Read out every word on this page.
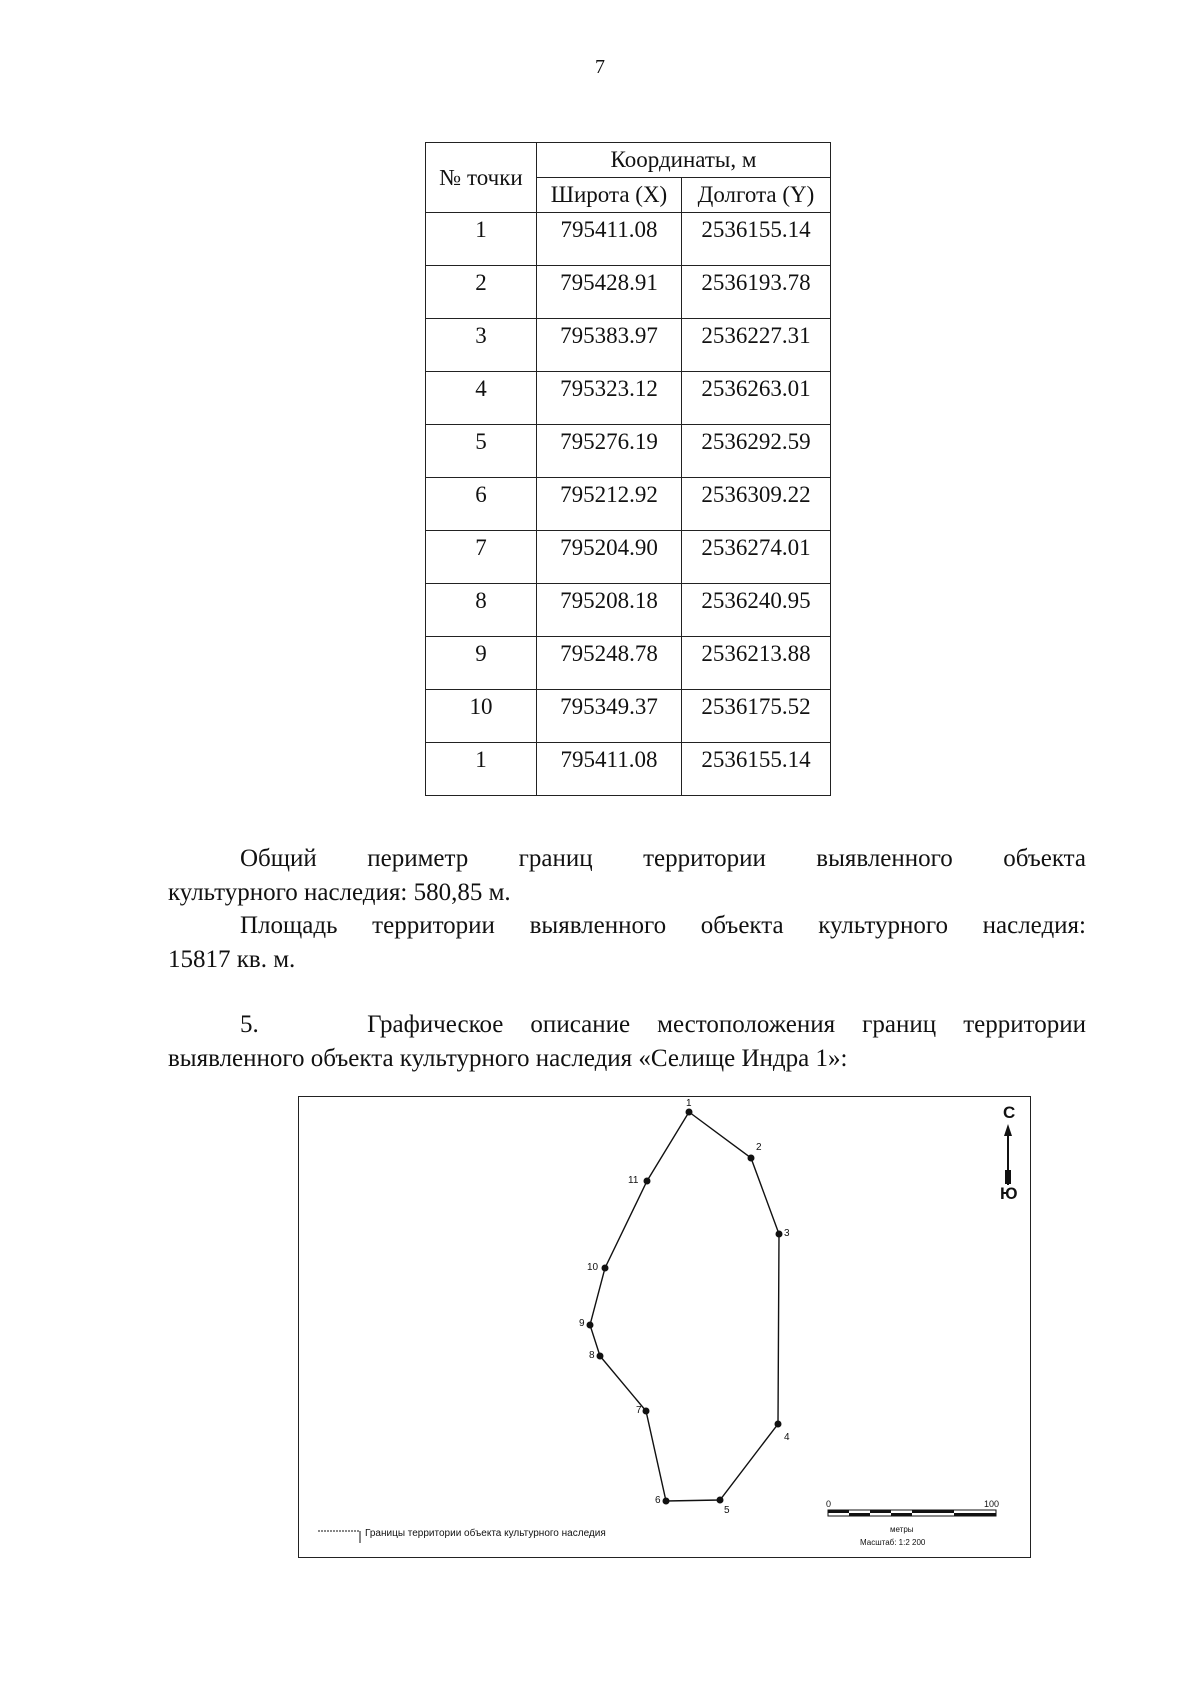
7
№ точки	Координаты, м	
	Широта (X)	Долгота (Y)
1	795411.08	2536155.14
2	795428.91	2536193.78
3	795383.97	2536227.31
4	795323.12	2536263.01
5	795276.19	2536292.59
6	795212.92	2536309.22
7	795204.90	2536274.01
8	795208.18	2536240.95
9	795248.78	2536213.88
10	795349.37	2536175.52
1	795411.08	2536155.14
Общий периметр границ территории выявленного объекта
культурного наследия: 580,85 м.
Площадь территории выявленного объекта культурного наследия:
15817 кв. м.
5.    Графическое описание местоположения границ территории
выявленного объекта культурного наследия «Селище Индра 1»:
1
2
3
4
5
6
7
8
9
10
11
С
Ю
Границы территории объекта культурного наследия
0	100
метры
Масштаб: 1:2 200
